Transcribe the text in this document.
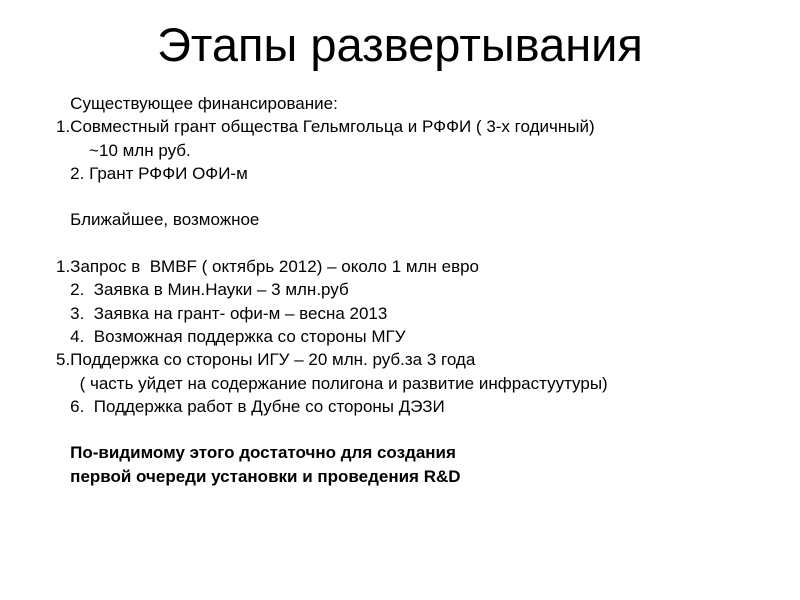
Этапы развертывания
Существующее финансирование:
1.Совместный грант общества Гельмгольца и РФФИ ( 3-х годичный)
~10 млн руб.
2. Грант РФФИ ОФИ-м
Ближайшее, возможное
1.Запрос в  BMBF ( октябрь 2012) – около 1 млн евро
2.  Заявка в Мин.Науки – 3 млн.руб
3.  Заявка на грант- офи-м – весна 2013
4.  Возможная поддержка со стороны МГУ
5.Поддержка со стороны ИГУ – 20 млн. руб.за 3 года
( часть уйдет на содержание полигона и развитие инфрастуутуры)
6.  Поддержка работ в Дубне со стороны ДЭЗИ
По-видимому этого достаточно для создания
первой очереди установки и проведения R&D
